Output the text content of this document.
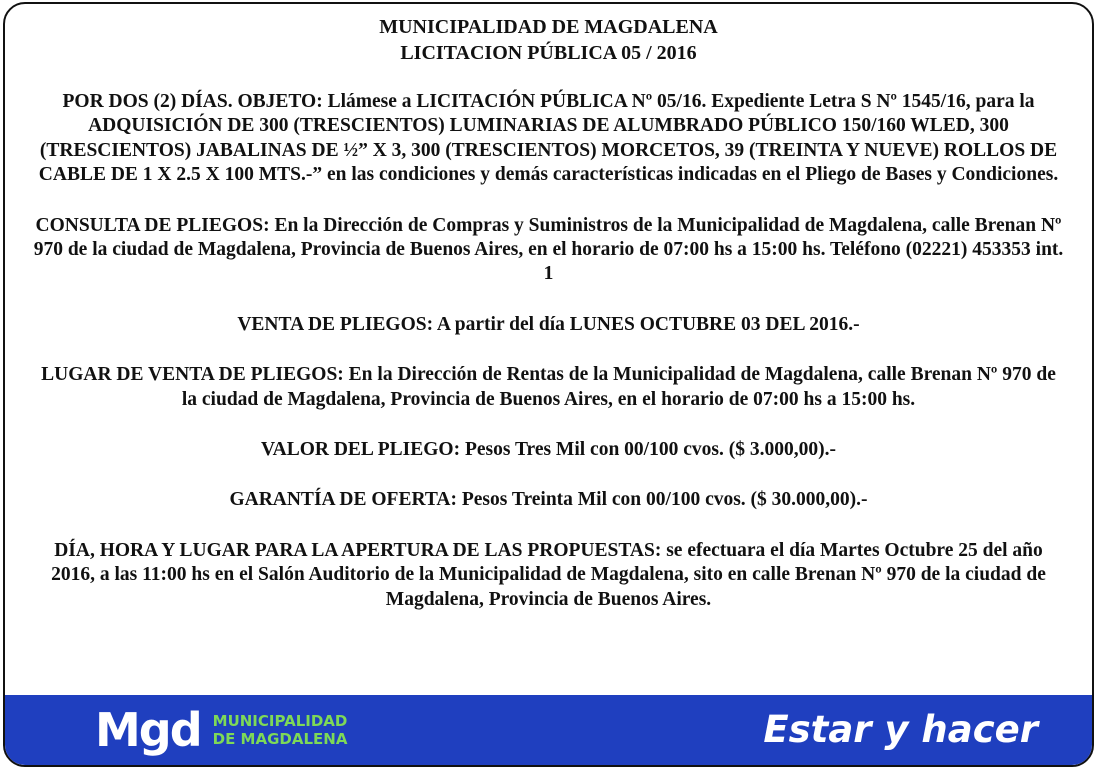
MUNICIPALIDAD DE MAGDALENA

LICITACION PÚBLICA 05 / 2016

POR DOS (2) DÍAS. OBJETO: Llámese a LICITACIÓN PÚBLICA Nº 05/16. Expediente Letra S Nº 1545/16, para la ADQUISICIÓN DE 300 (TRESCIENTOS) LUMINARIAS DE ALUMBRADO PÚBLICO 150/160 WLED, 300 (TRESCIENTOS) JABALINAS DE ½” X 3, 300 (TRESCIENTOS) MORCETOS, 39 (TREINTA Y NUEVE) ROLLOS DE CABLE DE 1 X 2.5 X 100 MTS.-” en las condiciones y demás características indicadas en el Pliego de Bases y Condiciones.

CONSULTA DE PLIEGOS: En la Dirección de Compras y Suministros de la Municipalidad de Magdalena, calle Brenan Nº 970 de la ciudad de Magdalena, Provincia de Buenos Aires, en el horario de 07:00 hs a 15:00 hs. Teléfono (02221) 453353 int. 1

VENTA DE PLIEGOS: A partir del día LUNES OCTUBRE 03 DEL 2016.-

LUGAR DE VENTA DE PLIEGOS: En la Dirección de Rentas de la Municipalidad de Magdalena, calle Brenan Nº 970 de la ciudad de Magdalena, Provincia de Buenos Aires, en el horario de 07:00 hs a 15:00 hs.

VALOR DEL PLIEGO: Pesos Tres Mil con 00/100 cvos. ($ 3.000,00).-

GARANTÍA DE OFERTA: Pesos Treinta Mil con 00/100 cvos. ($ 30.000,00).-

DÍA, HORA Y LUGAR PARA LA APERTURA DE LAS PROPUESTAS: se efectuara el día Martes Octubre 25 del año 2016, a las 11:00 hs en el Salón Auditorio de la Municipalidad de Magdalena, sito en calle Brenan Nº 970 de la ciudad de Magdalena, Provincia de Buenos Aires.

Mgd MUNICIPALIDAD
DE MAGDALENA	Estar y hacer
